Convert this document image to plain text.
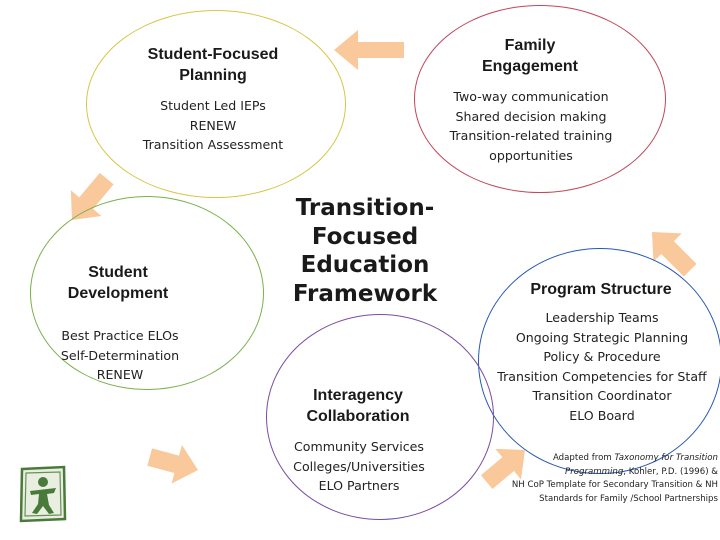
Transition-
Focused
Education
Framework
Student-Focused
Planning
Student Led IEPs
RENEW
Transition Assessment
Family
Engagement
Two-way communication
Shared decision making
Transition-related training
opportunities
Student
Development
Best Practice ELOs
Self-Determination
RENEW
Program Structure
Leadership Teams
Ongoing Strategic Planning
Policy & Procedure
Transition Competencies for Staff
Transition Coordinator
ELO Board
Interagency
Collaboration
Community Services
Colleges/Universities
ELO Partners
Adapted from Taxonomy for Transition
Programming, Kohler, P.D. (1996) &
NH CoP Template for Secondary Transition & NH
Standards for Family /School Partnerships
